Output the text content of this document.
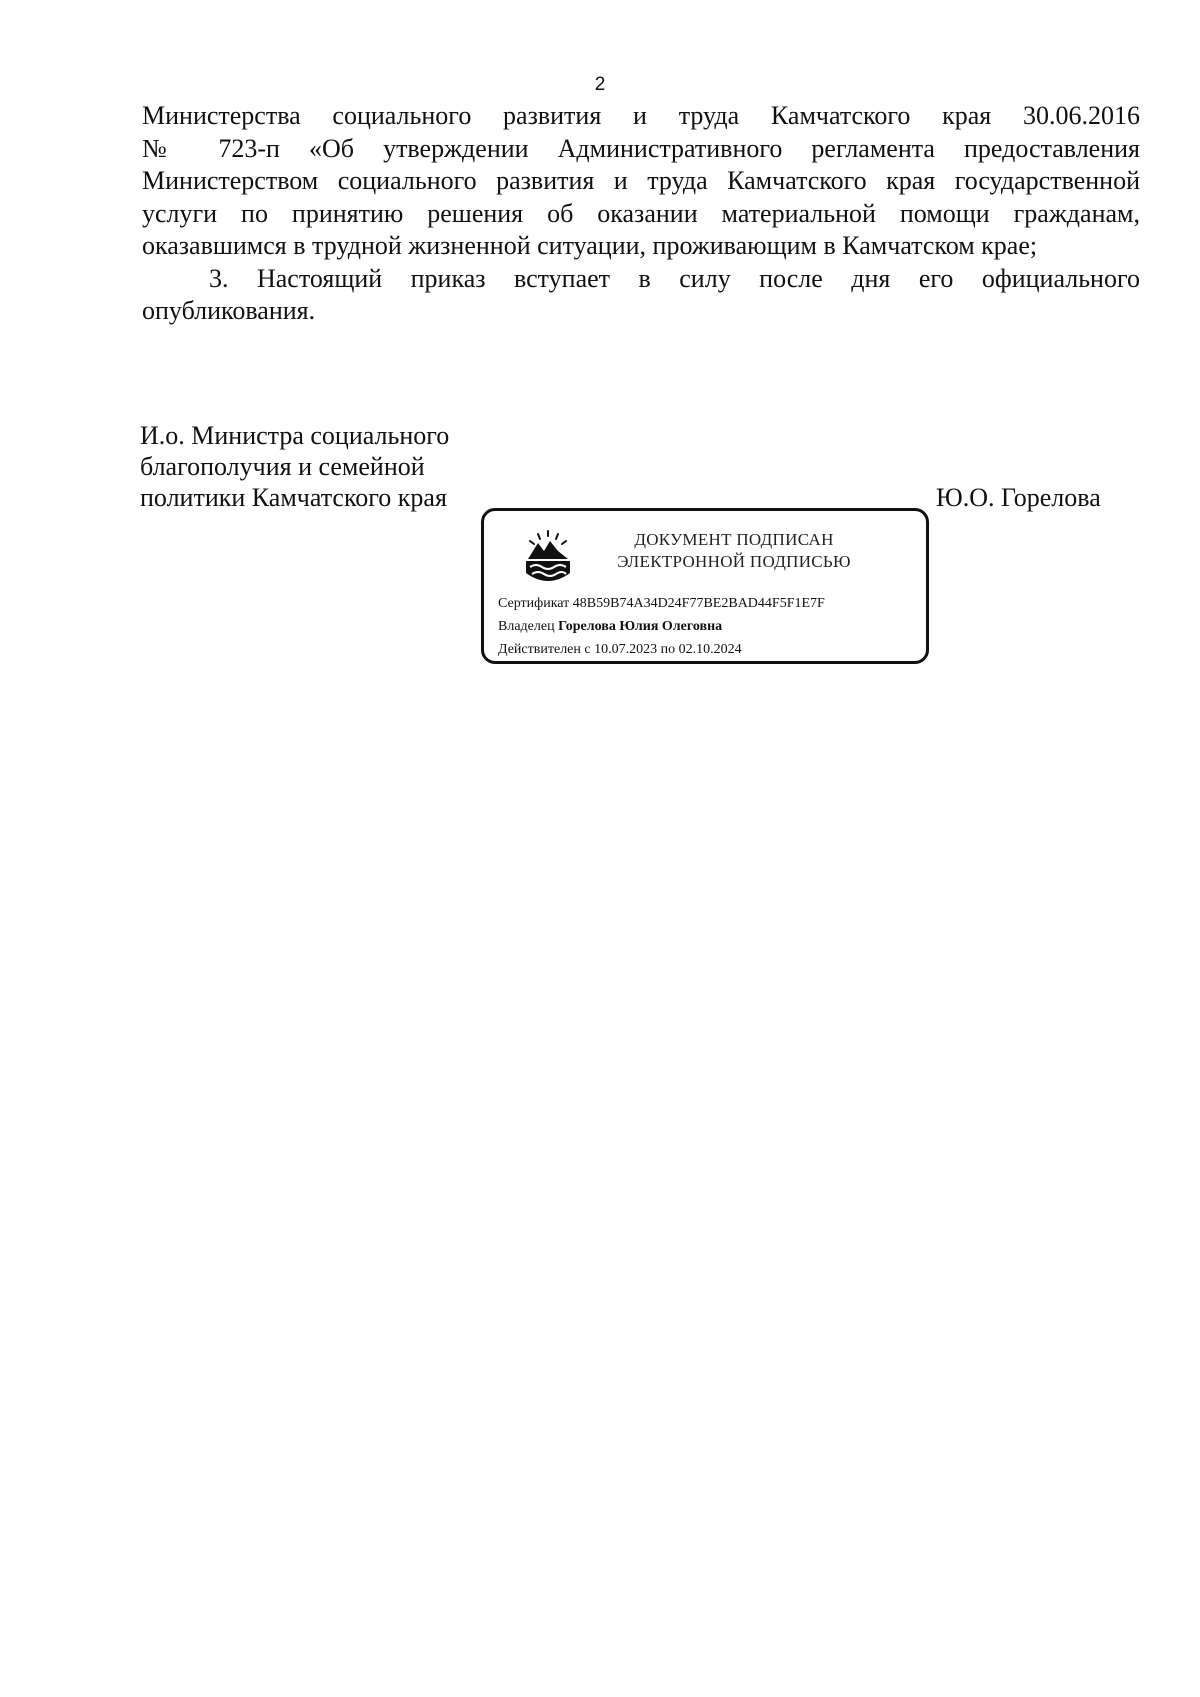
2

Министерства социального развития и труда Камчатского края 30.06.2016

№ 723-п «Об утверждении Административного регламента предоставления

Министерством социального развития и труда Камчатского края государственной

услуги по принятию решения об оказании материальной помощи гражданам,

оказавшимся в трудной жизненной ситуации, проживающим в Камчатском крае;

3. Настоящий приказ вступает в силу после дня его официального

опубликования.

И.о. Министра социального
благополучия и семейной
политики Камчатского края	Ю.О. Горелова
ДОКУМЕНТ ПОДПИСАН
ЭЛЕКТРОННОЙ ПОДПИСЬЮ
Сертификат 48B59B74A34D24F77BE2BAD44F5F1E7F
Владелец Горелова Юлия Олеговна
Действителен с 10.07.2023 по 02.10.2024
